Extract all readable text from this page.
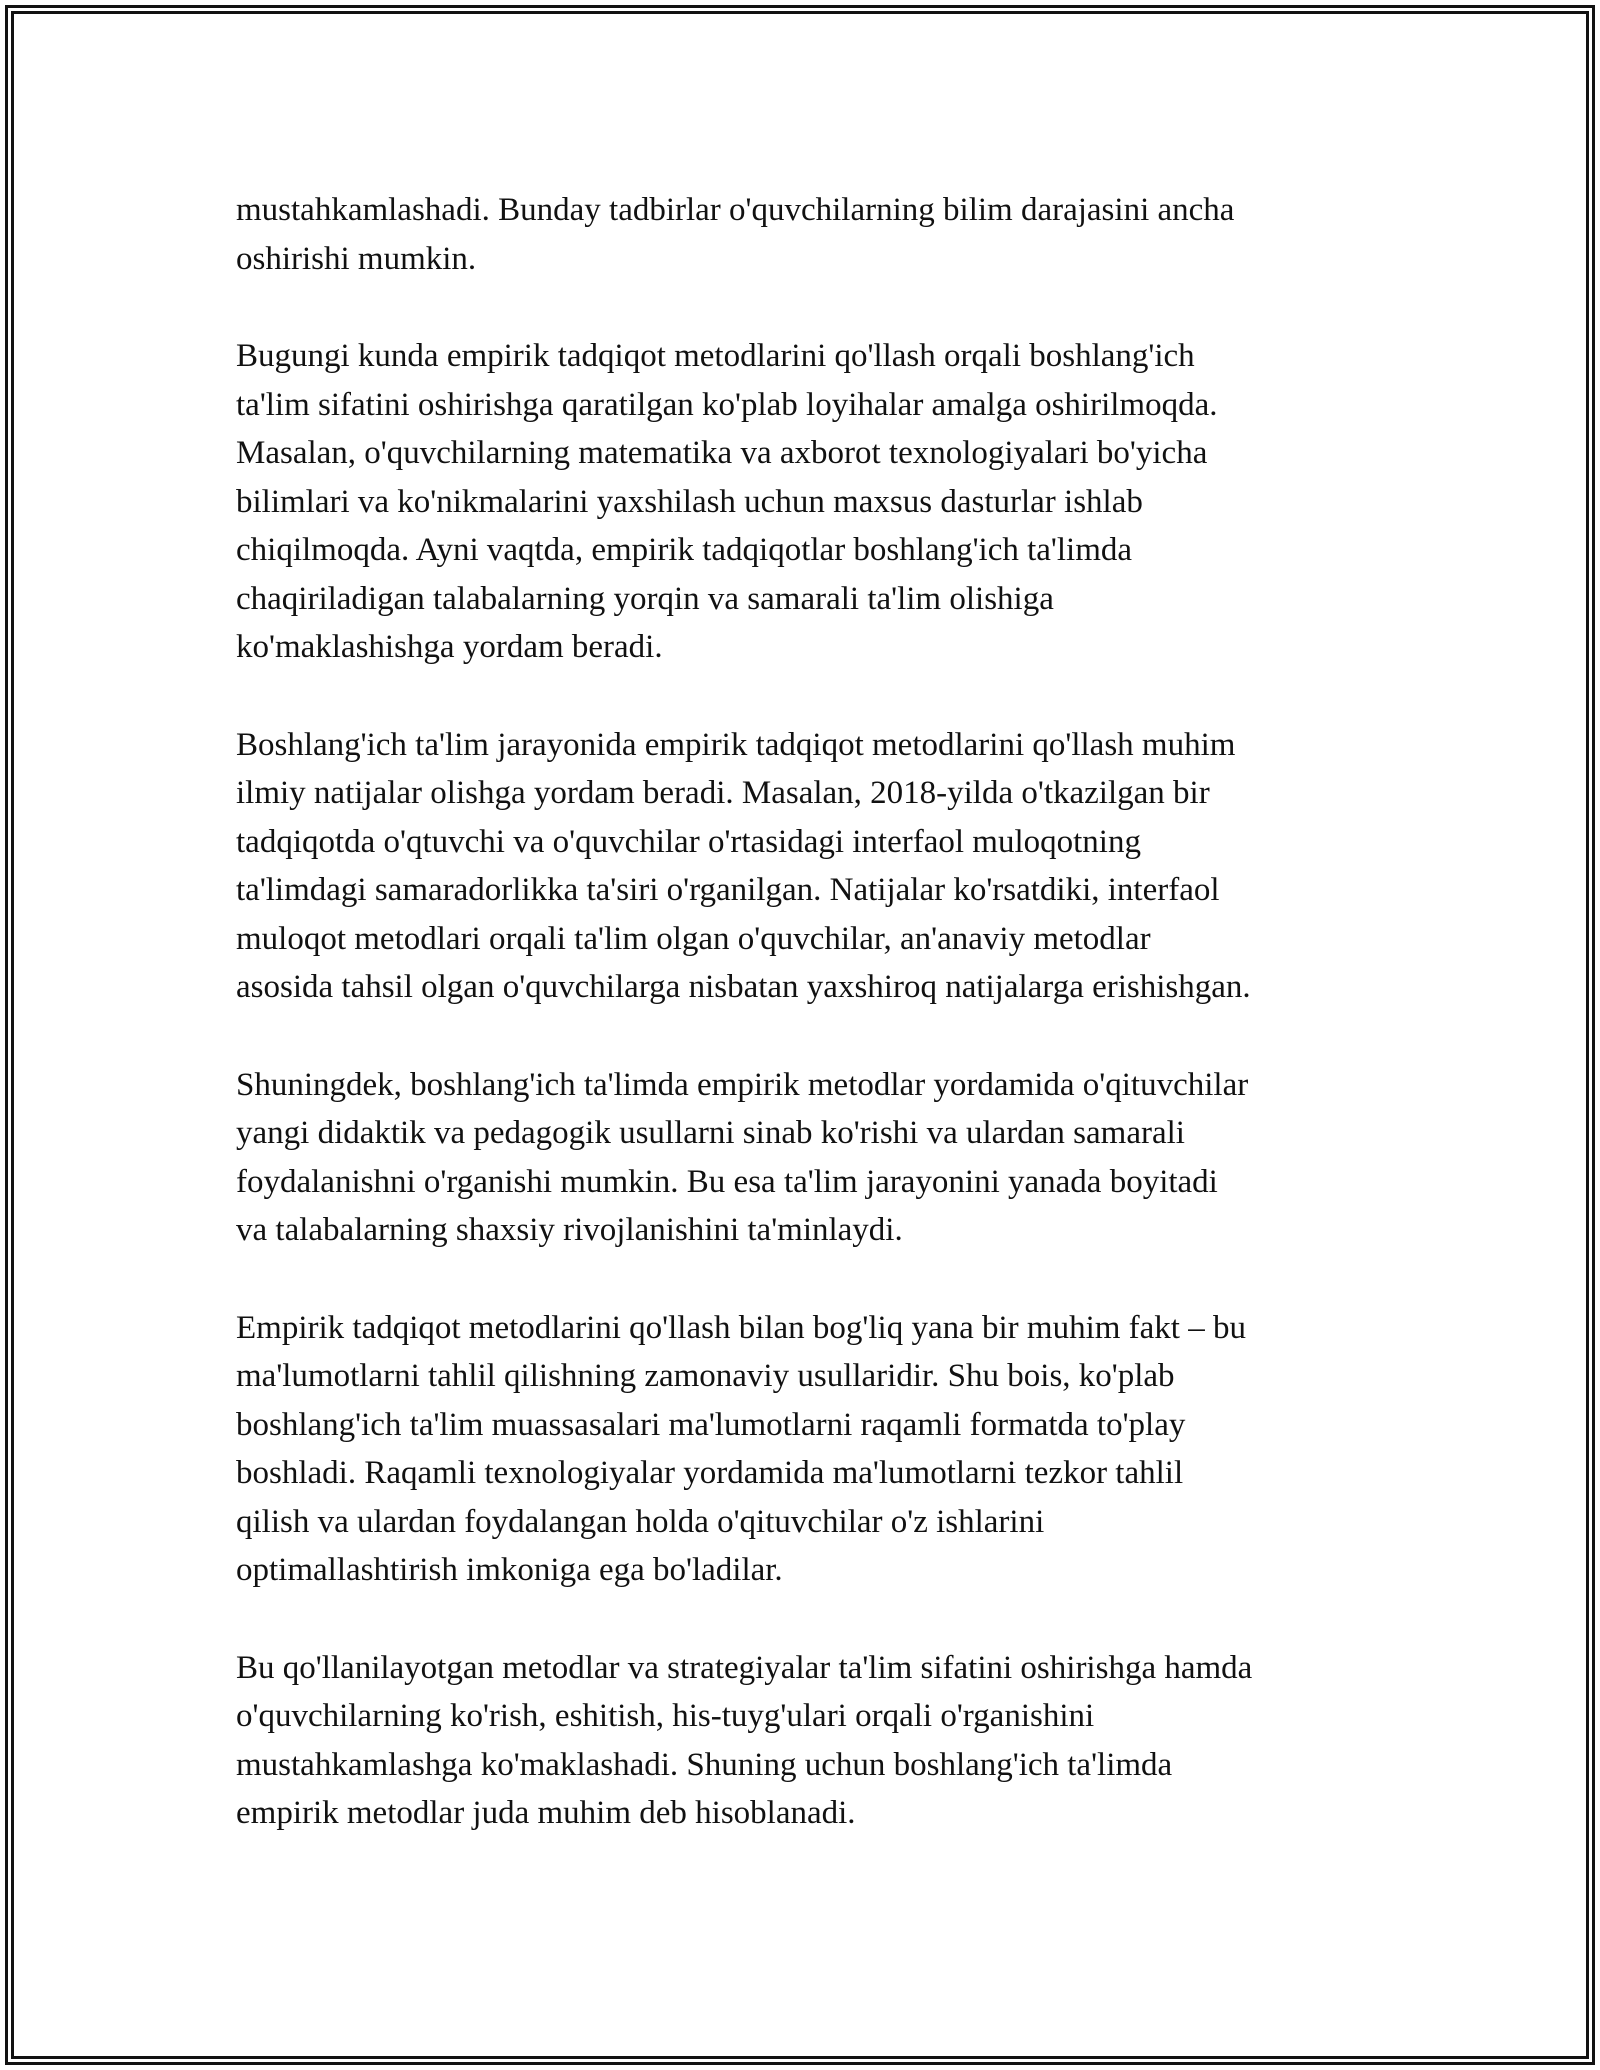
mustahkamlashadi. Bunday tadbirlar o'quvchilarning bilim darajasini ancha
oshirishi mumkin.

Bugungi kunda empirik tadqiqot metodlarini qo'llash orqali boshlang'ich
ta'lim sifatini oshirishga qaratilgan ko'plab loyihalar amalga oshirilmoqda.
Masalan, o'quvchilarning matematika va axborot texnologiyalari bo'yicha
bilimlari va ko'nikmalarini yaxshilash uchun maxsus dasturlar ishlab
chiqilmoqda. Ayni vaqtda, empirik tadqiqotlar boshlang'ich ta'limda
chaqiriladigan talabalarning yorqin va samarali ta'lim olishiga
ko'maklashishga yordam beradi.

Boshlang'ich ta'lim jarayonida empirik tadqiqot metodlarini qo'llash muhim
ilmiy natijalar olishga yordam beradi. Masalan, 2018-yilda o'tkazilgan bir
tadqiqotda o'qtuvchi va o'quvchilar o'rtasidagi interfaol muloqotning
ta'limdagi samaradorlikka ta'siri o'rganilgan. Natijalar ko'rsatdiki, interfaol
muloqot metodlari orqali ta'lim olgan o'quvchilar, an'anaviy metodlar
asosida tahsil olgan o'quvchilarga nisbatan yaxshiroq natijalarga erishishgan.

Shuningdek, boshlang'ich ta'limda empirik metodlar yordamida o'qituvchilar
yangi didaktik va pedagogik usullarni sinab ko'rishi va ulardan samarali
foydalanishni o'rganishi mumkin. Bu esa ta'lim jarayonini yanada boyitadi
va talabalarning shaxsiy rivojlanishini ta'minlaydi.

Empirik tadqiqot metodlarini qo'llash bilan bog'liq yana bir muhim fakt – bu
ma'lumotlarni tahlil qilishning zamonaviy usullaridir. Shu bois, ko'plab
boshlang'ich ta'lim muassasalari ma'lumotlarni raqamli formatda to'play
boshladi. Raqamli texnologiyalar yordamida ma'lumotlarni tezkor tahlil
qilish va ulardan foydalangan holda o'qituvchilar o'z ishlarini
optimallashtirish imkoniga ega bo'ladilar.

Bu qo'llanilayotgan metodlar va strategiyalar ta'lim sifatini oshirishga hamda
o'quvchilarning ko'rish, eshitish, his-tuyg'ulari orqali o'rganishini
mustahkamlashga ko'maklashadi. Shuning uchun boshlang'ich ta'limda
empirik metodlar juda muhim deb hisoblanadi.
